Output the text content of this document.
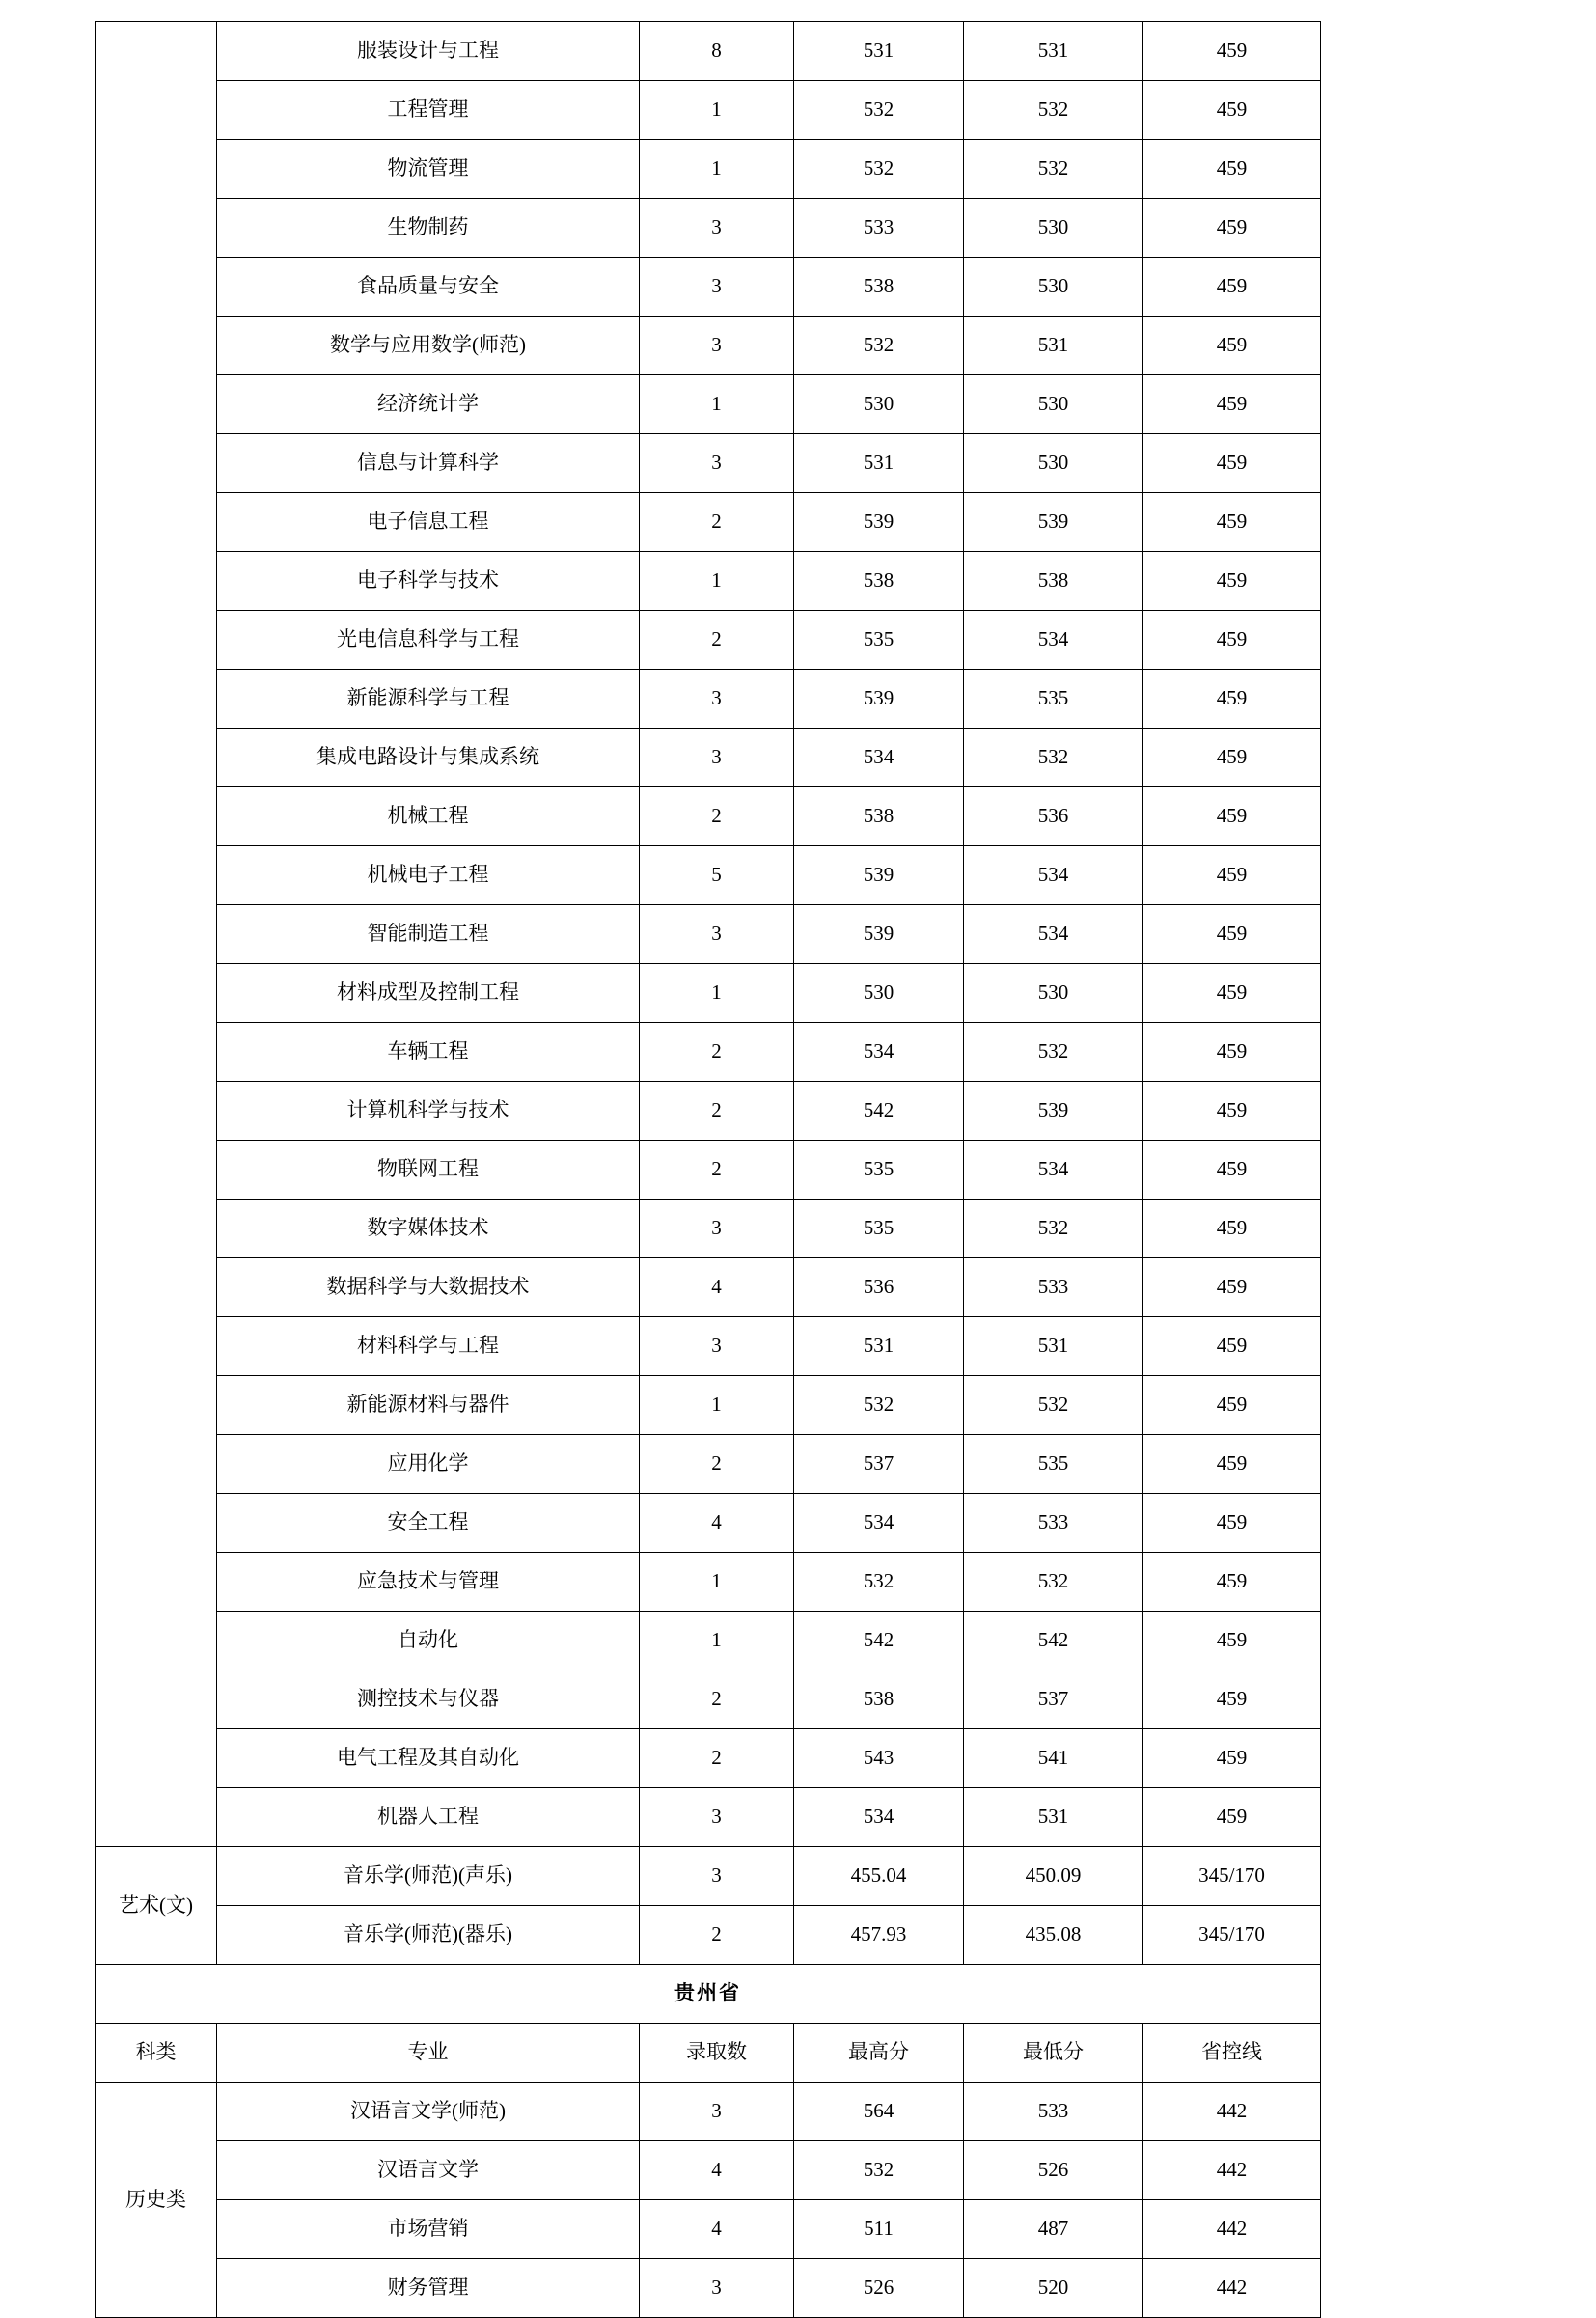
	服装设计与工程	8	531	531	459
	工程管理	1	532	532	459
	物流管理	1	532	532	459
	生物制药	3	533	530	459
	食品质量与安全	3	538	530	459
	数学与应用数学(师范)	3	532	531	459
	经济统计学	1	530	530	459
	信息与计算科学	3	531	530	459
	电子信息工程	2	539	539	459
	电子科学与技术	1	538	538	459
	光电信息科学与工程	2	535	534	459
	新能源科学与工程	3	539	535	459
	集成电路设计与集成系统	3	534	532	459
	机械工程	2	538	536	459
	机械电子工程	5	539	534	459
	智能制造工程	3	539	534	459
	材料成型及控制工程	1	530	530	459
	车辆工程	2	534	532	459
	计算机科学与技术	2	542	539	459
	物联网工程	2	535	534	459
	数字媒体技术	3	535	532	459
	数据科学与大数据技术	4	536	533	459
	材料科学与工程	3	531	531	459
	新能源材料与器件	1	532	532	459
	应用化学	2	537	535	459
	安全工程	4	534	533	459
	应急技术与管理	1	532	532	459
	自动化	1	542	542	459
	测控技术与仪器	2	538	537	459
	电气工程及其自动化	2	543	541	459
	机器人工程	3	534	531	459
艺术(文)	音乐学(师范)(声乐)	3	455.04	450.09	345/170
	音乐学(师范)(器乐)	2	457.93	435.08	345/170
贵州省					
科类	专业	录取数	最高分	最低分	省控线
历史类	汉语言文学(师范)	3	564	533	442
	汉语言文学	4	532	526	442
	市场营销	4	511	487	442
	财务管理	3	526	520	442
